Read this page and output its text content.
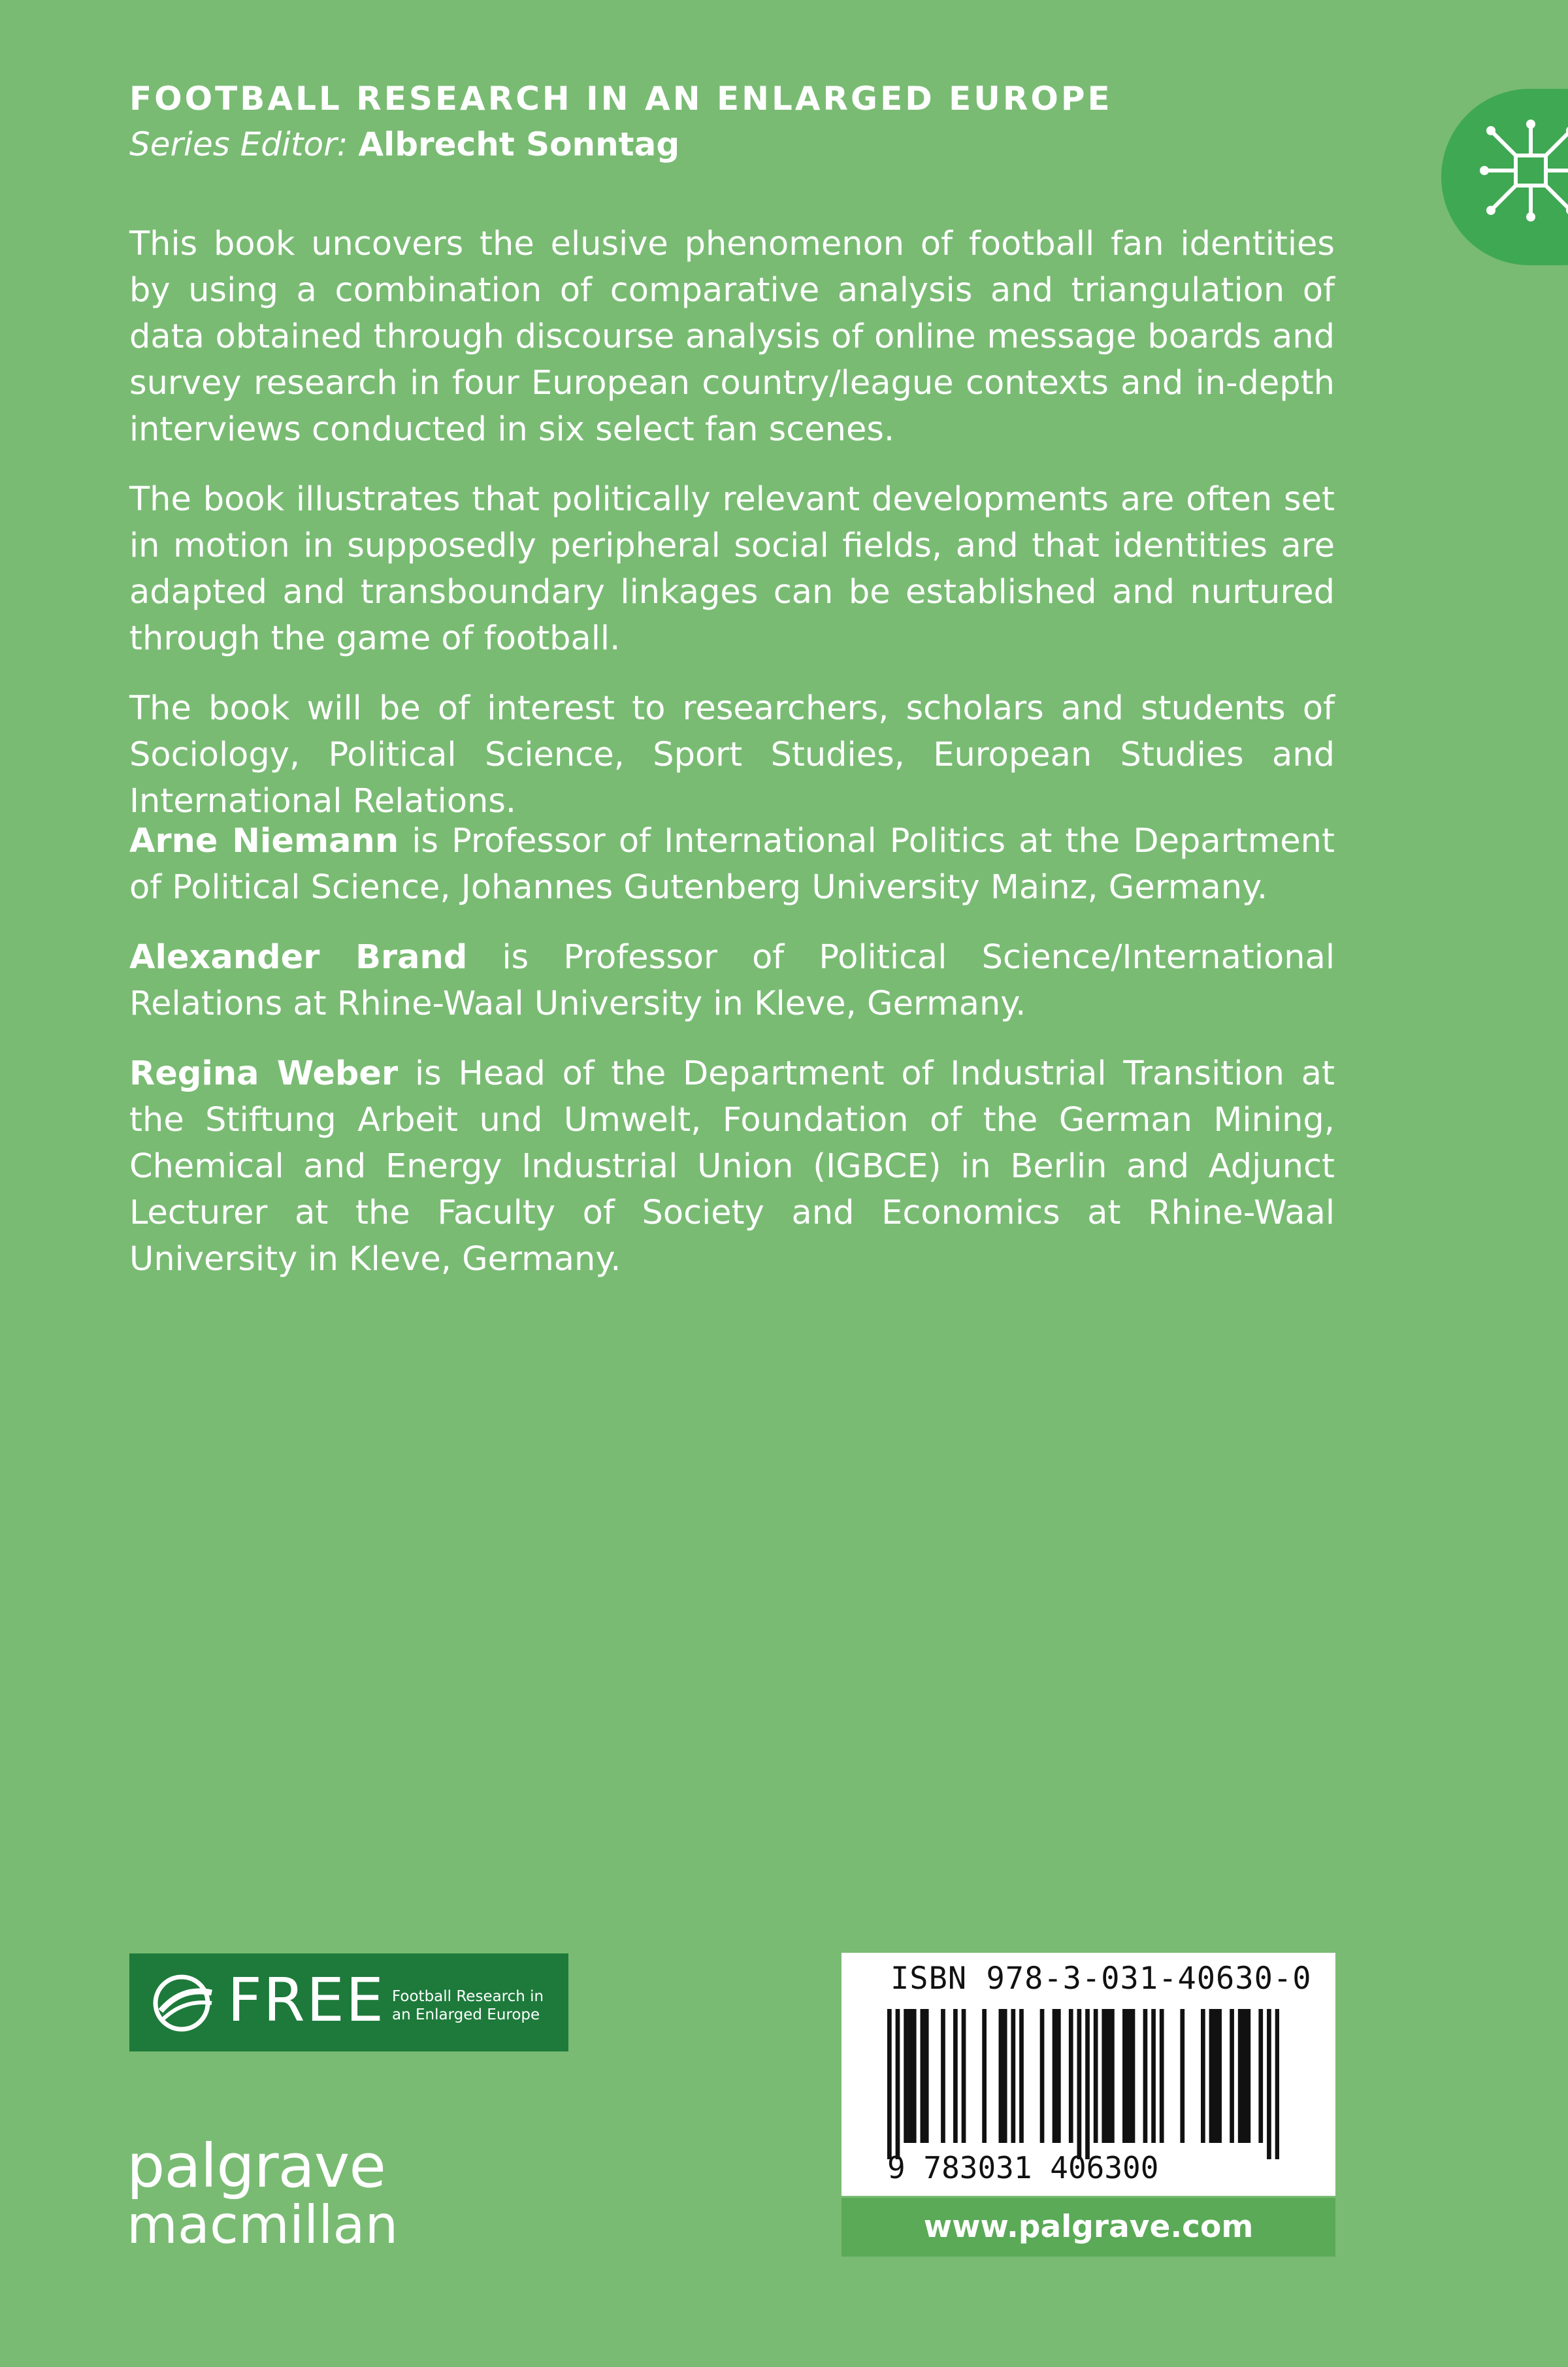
FOOTBALL RESEARCH IN AN ENLARGED EUROPE
Series Editor: Albrecht Sonntag

This book uncovers the elusive phenomenon of football fan identities by using a combination of comparative analysis and triangulation of data obtained through discourse analysis of online message boards and survey research in four European country/league contexts and in-depth interviews conducted in six select fan scenes.

The book illustrates that politically relevant developments are often set in motion in supposedly peripheral social fields, and that identities are adapted and transboundary linkages can be established and nurtured through the game of football.

The book will be of interest to researchers, scholars and students of Sociology, Political Science, Sport Studies, European Studies and International Relations.

Arne Niemann is Professor of International Politics at the Department of Political Science, Johannes Gutenberg University Mainz, Germany.

Alexander Brand is Professor of Political Science/International Relations at Rhine-Waal University in Kleve, Germany.

Regina Weber is Head of the Department of Industrial Transition at the Stiftung Arbeit und Umwelt, Foundation of the German Mining, Chemical and Energy Industrial Union (IGBCE) in Berlin and Adjunct Lecturer at the Faculty of Society and Economics at Rhine-Waal University in Kleve, Germany.

FREE Football Research in
an Enlarged Europe
palgrave
macmillan
ISBN 978-3-031-40630-0
9 783031 406300
www.palgrave.com
